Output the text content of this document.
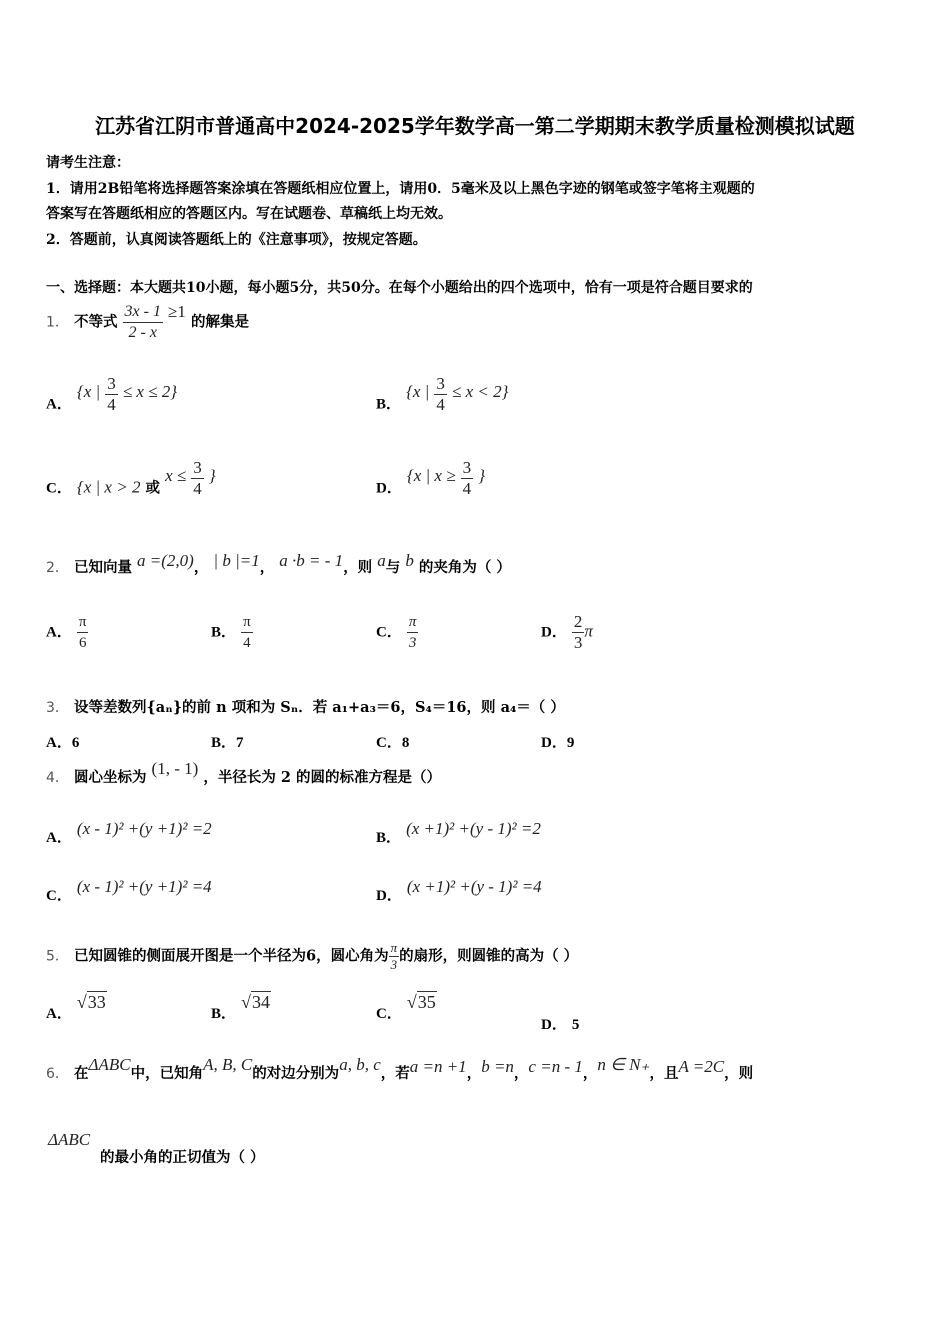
江苏省江阴市普通高中2024-2025学年数学高一第二学期期末教学质量检测模拟试题
请考生注意：
1．请用2B铅笔将选择题答案涂填在答题纸相应位置上，请用0．5毫米及以上黑色字迹的钢笔或签字笔将主观题的
答案写在答题纸相应的答题区内。写在试题卷、草稿纸上均无效。
2．答题前，认真阅读答题纸上的《注意事项》，按规定答题。
一、选择题：本大题共10小题，每小题5分，共50分。在每个小题给出的四个选项中，恰有一项是符合题目要求的
1． 不等式 $\frac{3x - 1}{2 - x} \ge 1$ 的解集是
A． {x | $\frac{3}{4} \le x \le 2$}
B． {x | $\frac{3}{4} \le x < 2$}
C． {x | x > 2 或 $x \le \frac{3}{4}$ }
D． {x | $x \ge \frac{3}{4}$ }
2． 已知向量 a =(2,0)， | b |=1， a ·b = - 1，则 a与 b 的夹角为（ ）
A． $\frac{\pi}{6}$	B． $\frac{\pi}{4}$	C． $\frac{\pi}{3}$	D． $\frac{2}{3}$ π
3． 设等差数列{aₙ}的前 n 项和为 Sₙ．若 a₁+a₃＝6，S₄＝16，则 a₄＝（ ）
A．6	B．7	C．8	D．9
4． 圆心坐标为 (1, - 1) ，半径长为 2 的圆的标准方程是（）
A． (x - 1)² +(y +1)² =2	B． (x +1)² +(y - 1)² =2
C． (x - 1)² +(y +1)² =4	D． (x +1)² +(y - 1)² =4
5． 已知圆锥的侧面展开图是一个半径为6，圆心角为 $\frac{\pi}{3}$ 的扇形，则圆锥的高为（ ）
A． √33
B． √34
C． √35
D． 5
6． 在ΔABC中，已知角A, B, C的对边分别为a, b, c，若a =n +1，b =n，c =n - 1，n ∈ N₊，且A =2C，则
ΔABC
的最小角的正切值为（ ）
